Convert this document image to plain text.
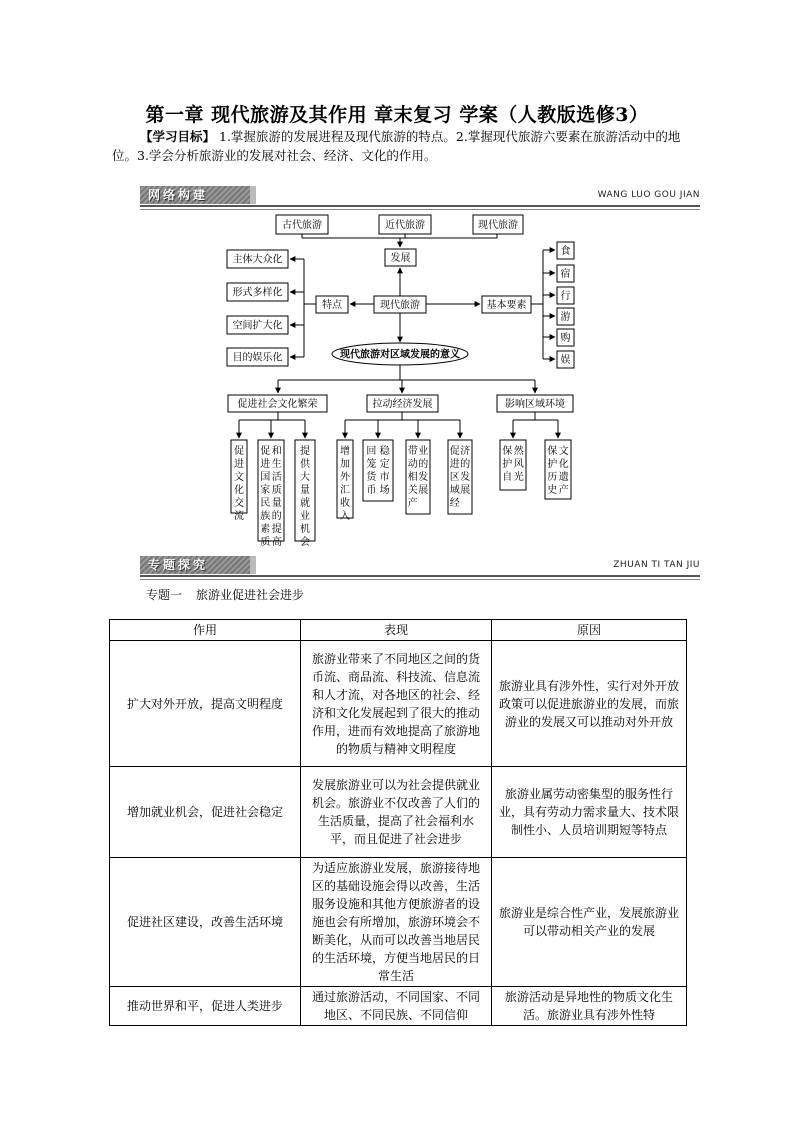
第一章 现代旅游及其作用 章末复习 学案（人教版选修3）
【学习目标】 1.掌握旅游的发展进程及现代旅游的特点。2.掌握现代旅游六要素在旅游活动中的地位。3.学会分析旅游业的发展对社会、经济、文化的作用。
网络构建	WANG LUO GOU JIAN
古代旅游	近代旅游	现代旅游
发展
现代旅游
特点
主体大众化
形式多样化
空间扩大化
目的娱乐化
基本要素
食
宿
行
游
购
娱
现代旅游对区域发展的意义
促进社会文化繁荣
促
进
文
化
交
流
促
进
国
家
民
族
素
质
和
生
活
质
量
的
提
高
提
供
大
量
就
业
机
会
拉动经济发展
增
加
外
汇
收
入
回
笼
货
币
稳
定
市
场
带
动
相
关
产
业
的
发
展
促
进
区
域
经
济
的
发
展
影响区域环境
保
护
自
然
风
光
保
护
历
史
文
化
遗
产
专题探究	ZHUAN TI TAN JIU
专题一 旅游业促进社会进步
作用	表现	原因
扩大对外开放，提高文明程度	旅游业带来了不同地区之间的货币流、商品流、科技流、信息流和人才流，对各地区的社会、经济和文化发展起到了很大的推动作用，进而有效地提高了旅游地的物质与精神文明程度	旅游业具有涉外性，实行对外开放政策可以促进旅游业的发展，而旅游业的发展又可以推动对外开放
增加就业机会，促进社会稳定	发展旅游业可以为社会提供就业机会。旅游业不仅改善了人们的生活质量，提高了社会福利水平，而且促进了社会进步	旅游业属劳动密集型的服务性行业，具有劳动力需求量大、技术限制性小、人员培训期短等特点
促进社区建设，改善生活环境	为适应旅游业发展，旅游接待地区的基础设施会得以改善，生活服务设施和其他方便旅游者的设施也会有所增加，旅游环境会不断美化，从而可以改善当地居民的生活环境，方便当地居民的日常生活	旅游业是综合性产业，发展旅游业可以带动相关产业的发展
推动世界和平，促进人类进步	通过旅游活动，不同国家、不同地区、不同民族、不同信仰	旅游活动是异地性的物质文化生活。旅游业具有涉外性特
